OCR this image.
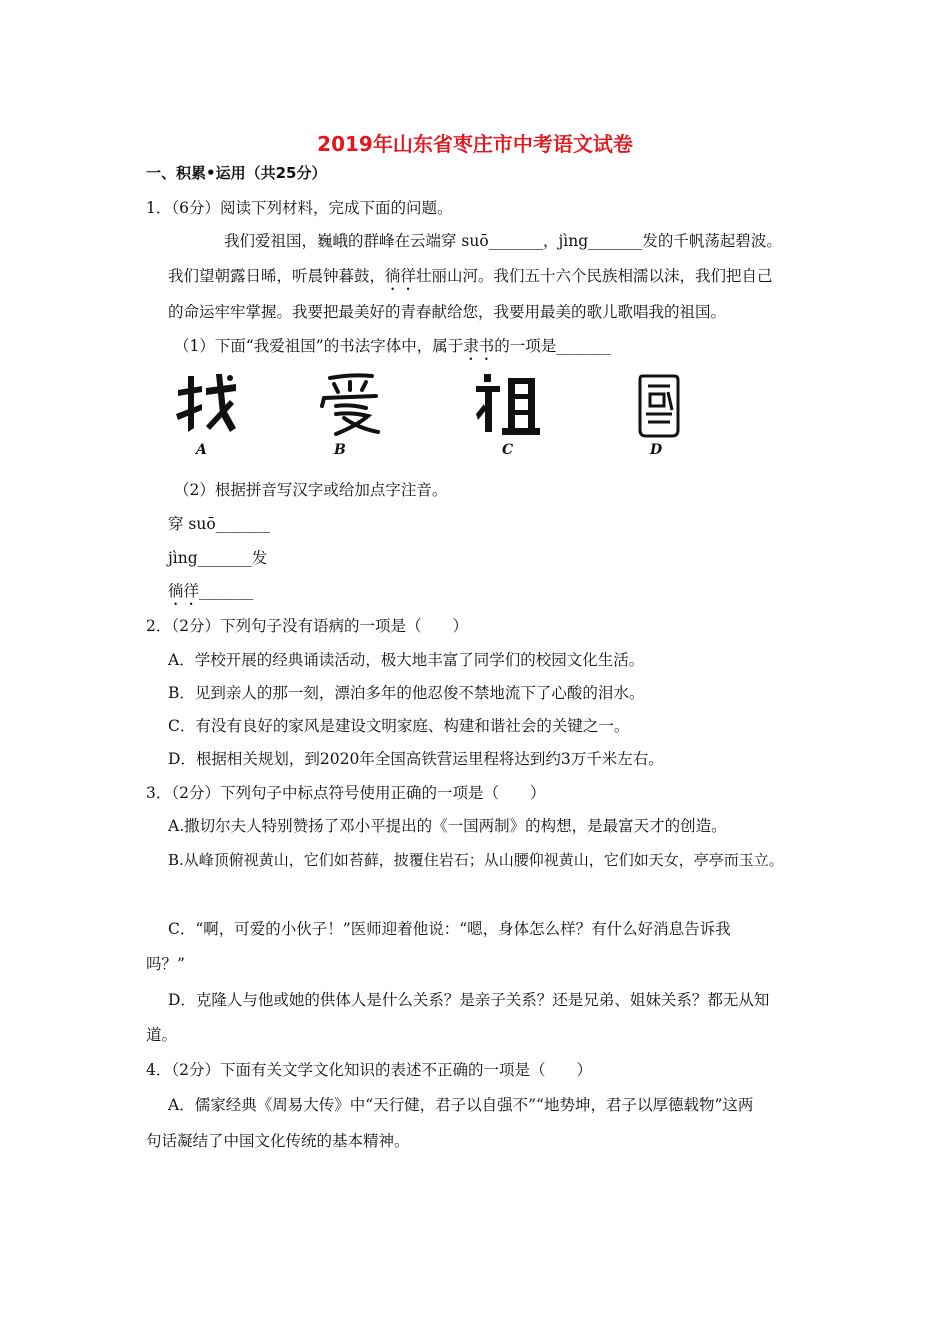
2019年山东省枣庄市中考语文试卷
一、积累•运用（共25分）
1．（6分）阅读下列材料，完成下面的问题。
我们爱祖国，巍峨的群峰在云端穿 suō_______，jìng_______发的千帆荡起碧波。
我们望朝露日晞，听晨钟暮鼓，徜徉壮丽山河。我们五十六个民族相濡以沫，我们把自己
的命运牢牢掌握。我要把最美好的青春献给您，我要用最美的歌儿歌唱我的祖国。
（1）下面“我爱祖国”的书法字体中，属于隶书的一项是_______
A	B	C	D
（2）根据拼音写汉字或给加点字注音。
穿 suō_______
jìng_______发
徜徉_______
2．（2分）下列句子没有语病的一项是（　　）
A．学校开展的经典诵读活动，极大地丰富了同学们的校园文化生活。
B．见到亲人的那一刻，漂泊多年的他忍俊不禁地流下了心酸的泪水。
C．有没有良好的家风是建设文明家庭、构建和谐社会的关键之一。
D．根据相关规划，到2020年全国高铁营运里程将达到约3万千米左右。
3．（2分）下列句子中标点符号使用正确的一项是（　　）
A.撒切尔夫人特别赞扬了邓小平提出的《一国两制》的构想，是最富天才的创造。
B.从峰顶俯视黄山，它们如苔藓，披覆住岩石；从山腰仰视黄山，它们如天女，亭亭而玉立。
C．“啊，可爱的小伙子！”医师迎着他说：“嗯，身体怎么样？有什么好消息告诉我
吗？”
D．克隆人与他或她的供体人是什么关系？是亲子关系？还是兄弟、姐妹关系？都无从知
道。
4．（2分）下面有关文学文化知识的表述不正确的一项是（　　）
A．儒家经典《周易大传》中“天行健，君子以自强不”“地势坤，君子以厚德载物”这两
句话凝结了中国文化传统的基本精神。
